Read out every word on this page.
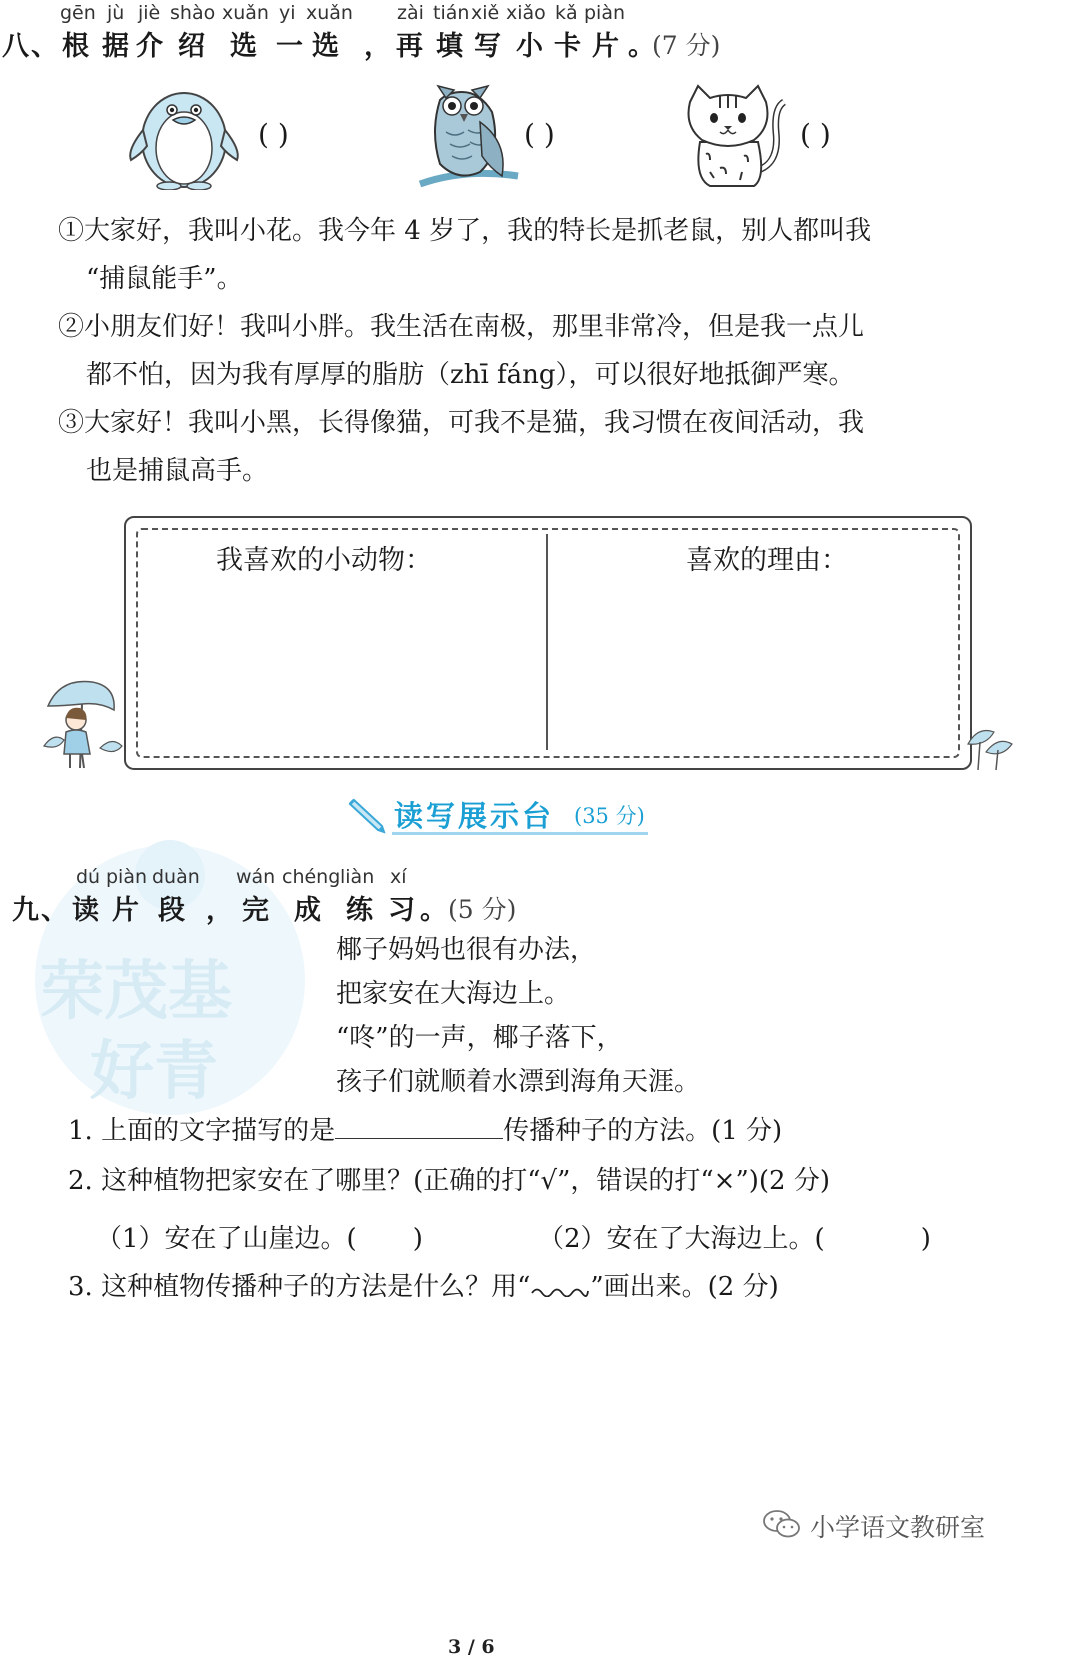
荣茂基
好青
gēn jù jiè shào xuǎn yi xuǎn zài tián xiě xiǎo kǎ piàn
八、 根 据 介 绍 选 一 选 ， 再 填 写 小 卡 片 。
(7 分)
( )	( )	( )
①大家好，我叫小花。我今年 4 岁了，我的特长是抓老鼠，别人都叫我
“捕鼠能手”。
②小朋友们好！我叫小胖。我生活在南极，那里非常冷，但是我一点儿
都不怕，因为我有厚厚的脂肪（zhī fáng），可以很好地抵御严寒。
③大家好！我叫小黑，长得像猫，可我不是猫，我习惯在夜间活动，我
也是捕鼠高手。
我喜欢的小动物：	喜欢的理由：
读写展示台 (35 分)
dú piàn duàn wán chéng liàn xí
九、 读 片 段 ， 完 成 练 习 。 (5 分)
椰子妈妈也很有办法，
把家安在大海边上。
“咚”的一声，椰子落下，
孩子们就顺着水漂到海角天涯。
1. 上面的文字描写的是	传播种子的方法。(1 分)
2. 这种植物把家安在了哪里？(正确的打“√”，错误的打“×”)(2 分)
（1）安在了山崖边。( )	（2）安在了大海边上。(	)
3. 这种植物传播种子的方法是什么？用“ ”画出来。(2 分)
小学语文教研室
3 / 6
